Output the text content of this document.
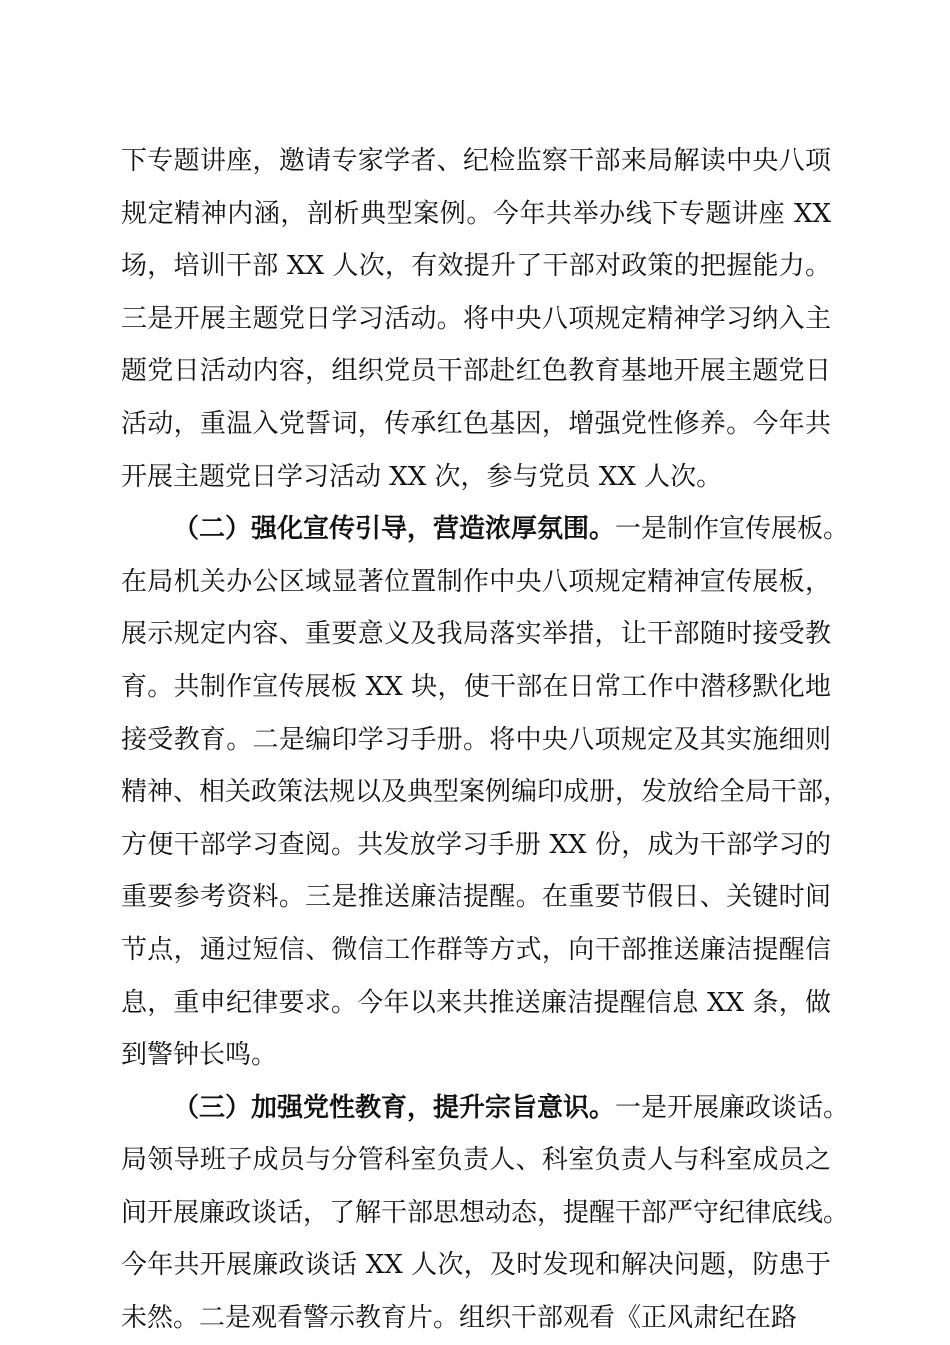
下专题讲座，邀请专家学者、纪检监察干部来局解读中央八项
规定精神内涵，剖析典型案例。今年共举办线下专题讲座 XX
场，培训干部 XX 人次，有效提升了干部对政策的把握能力。
三是开展主题党日学习活动。将中央八项规定精神学习纳入主
题党日活动内容，组织党员干部赴红色教育基地开展主题党日
活动，重温入党誓词，传承红色基因，增强党性修养。今年共
开展主题党日学习活动 XX 次，参与党员 XX 人次。
（二）强化宣传引导，营造浓厚氛围。一是制作宣传展板。
在局机关办公区域显著位置制作中央八项规定精神宣传展板，
展示规定内容、重要意义及我局落实举措，让干部随时接受教
育。共制作宣传展板 XX 块，使干部在日常工作中潜移默化地
接受教育。二是编印学习手册。将中央八项规定及其实施细则
精神、相关政策法规以及典型案例编印成册，发放给全局干部，
方便干部学习查阅。共发放学习手册 XX 份，成为干部学习的
重要参考资料。三是推送廉洁提醒。在重要节假日、关键时间
节点，通过短信、微信工作群等方式，向干部推送廉洁提醒信
息，重申纪律要求。今年以来共推送廉洁提醒信息 XX 条，做
到警钟长鸣。
（三）加强党性教育，提升宗旨意识。一是开展廉政谈话。
局领导班子成员与分管科室负责人、科室负责人与科室成员之
间开展廉政谈话，了解干部思想动态，提醒干部严守纪律底线。
今年共开展廉政谈话 XX 人次，及时发现和解决问题，防患于
未然。二是观看警示教育片。组织干部观看《正风肃纪在路
